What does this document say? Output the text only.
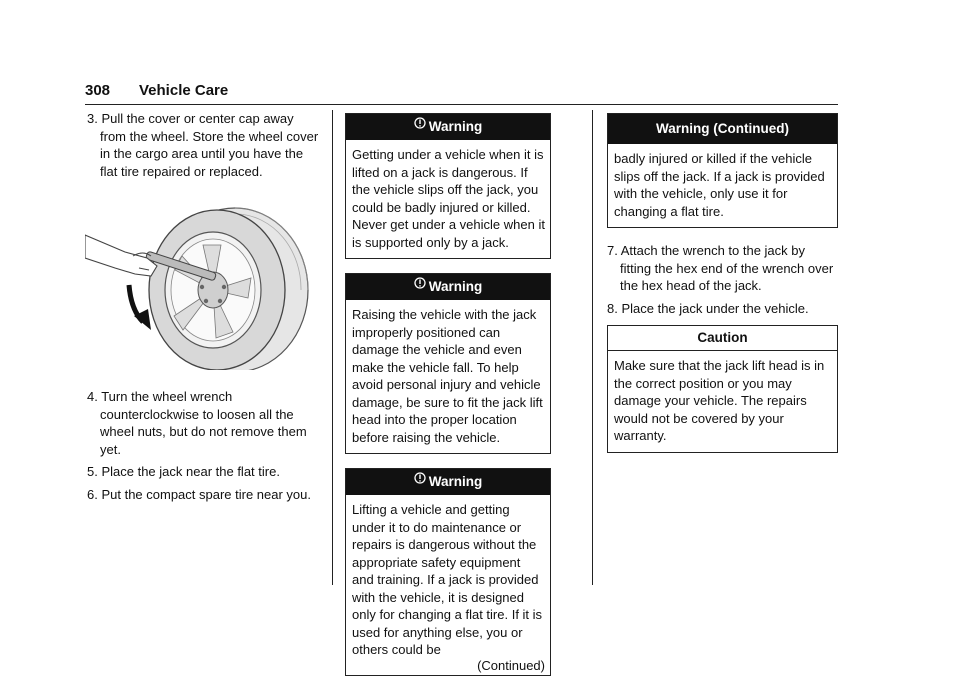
308 Vehicle Care

3. Pull the cover or center cap away from the wheel. Store the wheel cover in the cargo area until you have the flat tire repaired or replaced.

4. Turn the wheel wrench counterclockwise to loosen all the wheel nuts, but do not remove them yet.

5. Place the jack near the flat tire.

6. Put the compact spare tire near you.

Warning
Getting under a vehicle when it is lifted on a jack is dangerous. If the vehicle slips off the jack, you could be badly injured or killed. Never get under a vehicle when it is supported only by a jack.
Warning
Raising the vehicle with the jack improperly positioned can damage the vehicle and even make the vehicle fall. To help avoid personal injury and vehicle damage, be sure to fit the jack lift head into the proper location before raising the vehicle.
Warning
Lifting a vehicle and getting under it to do maintenance or repairs is dangerous without the appropriate safety equipment and training. If a jack is provided with the vehicle, it is designed only for changing a flat tire. If it is used for anything else, you or others could be
(Continued)
Warning (Continued)
badly injured or killed if the vehicle slips off the jack. If a jack is provided with the vehicle, only use it for changing a flat tire.

7. Attach the wrench to the jack by fitting the hex end of the wrench over the hex head of the jack.

8. Place the jack under the vehicle.

Caution
Make sure that the jack lift head is in the correct position or you may damage your vehicle. The repairs would not be covered by your warranty.
